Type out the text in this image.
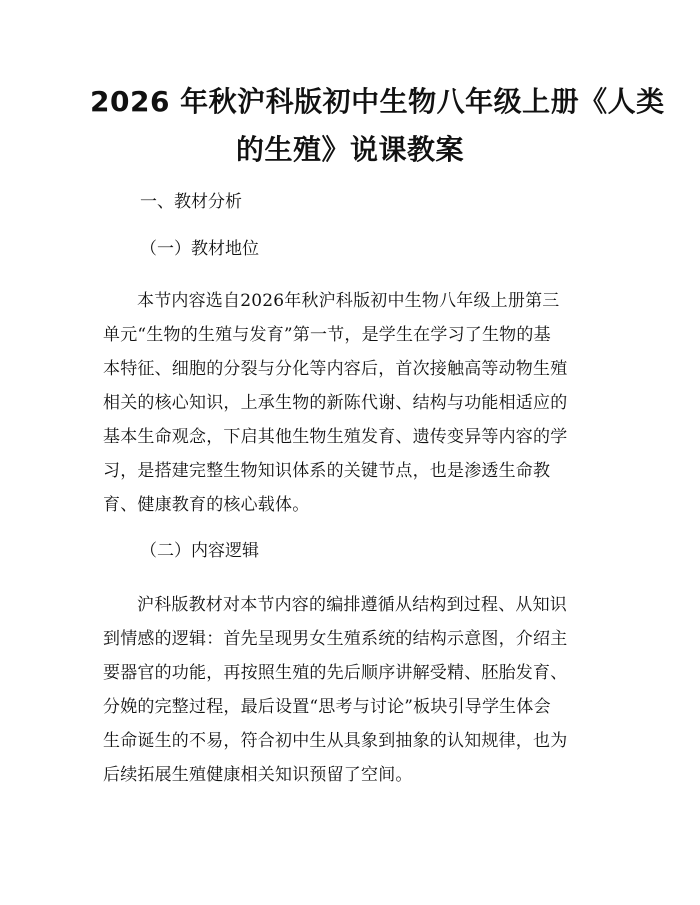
2026 年秋沪科版初中生物八年级上册《人类
的生殖》说课教案

一、教材分析

（一）教材地位

本节内容选自2026年秋沪科版初中生物八年级上册第三
单元“生物的生殖与发育”第一节，是学生在学习了生物的基
本特征、细胞的分裂与分化等内容后，首次接触高等动物生殖
相关的核心知识，上承生物的新陈代谢、结构与功能相适应的
基本生命观念，下启其他生物生殖发育、遗传变异等内容的学
习，是搭建完整生物知识体系的关键节点，也是渗透生命教
育、健康教育的核心载体。

（二）内容逻辑

沪科版教材对本节内容的编排遵循从结构到过程、从知识
到情感的逻辑：首先呈现男女生殖系统的结构示意图，介绍主
要器官的功能，再按照生殖的先后顺序讲解受精、胚胎发育、
分娩的完整过程，最后设置“思考与讨论”板块引导学生体会
生命诞生的不易，符合初中生从具象到抽象的认知规律，也为
后续拓展生殖健康相关知识预留了空间。
